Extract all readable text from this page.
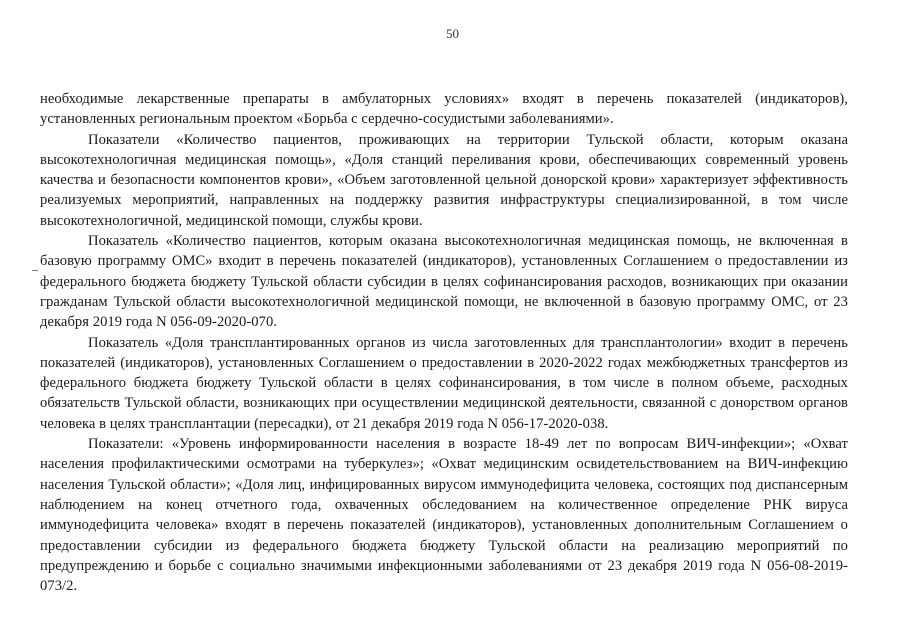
50

необходимые лекарственные препараты в амбулаторных условиях» входят в перечень показателей (индикаторов), установленных региональным проектом «Борьба с сердечно-сосудистыми заболеваниями».

Показатели «Количество пациентов, проживающих на территории Тульской области, которым оказана высокотехнологичная медицинская помощь», «Доля станций переливания крови, обеспечивающих современный уровень качества и безопасности компонентов крови», «Объем заготовленной цельной донорской крови» характеризует эффективность реализуемых мероприятий, направленных на поддержку развития инфраструктуры специализированной, в том числе высокотехнологичной, медицинской помощи, службы крови.

Показатель «Количество пациентов, которым оказана высокотехнологичная медицинская помощь, не включенная в базовую программу ОМС» входит в перечень показателей (индикаторов), установленных Соглашением о предоставлении из федерального бюджета бюджету Тульской области субсидии в целях софинансирования расходов, возникающих при оказании гражданам Тульской области высокотехнологичной медицинской помощи, не включенной в базовую программу ОМС, от 23 декабря 2019 года N 056-09-2020-070.

Показатель «Доля трансплантированных органов из числа заготовленных для трансплантологии» входит в перечень показателей (индикаторов), установленных Соглашением о предоставлении в 2020-2022 годах межбюджетных трансфертов из федерального бюджета бюджету Тульской области в целях софинансирования, в том числе в полном объеме, расходных обязательств Тульской области, возникающих при осуществлении медицинской деятельности, связанной с донорством органов человека в целях трансплантации (пересадки), от 21 декабря 2019 года N 056-17-2020-038.

Показатели: «Уровень информированности населения в возрасте 18-49 лет по вопросам ВИЧ-инфекции»; «Охват населения профилактическими осмотрами на туберкулез»; «Охват медицинским освидетельствованием на ВИЧ-инфекцию населения Тульской области»; «Доля лиц, инфицированных вирусом иммунодефицита человека, состоящих под диспансерным наблюдением на конец отчетного года, охваченных обследованием на количественное определение РНК вируса иммунодефицита человека» входят в перечень показателей (индикаторов), установленных дополнительным Соглашением о предоставлении субсидии из федерального бюджета бюджету Тульской области на реализацию мероприятий по предупреждению и борьбе с социально значимыми инфекционными заболеваниями от 23 декабря 2019 года N 056-08-2019-073/2.
